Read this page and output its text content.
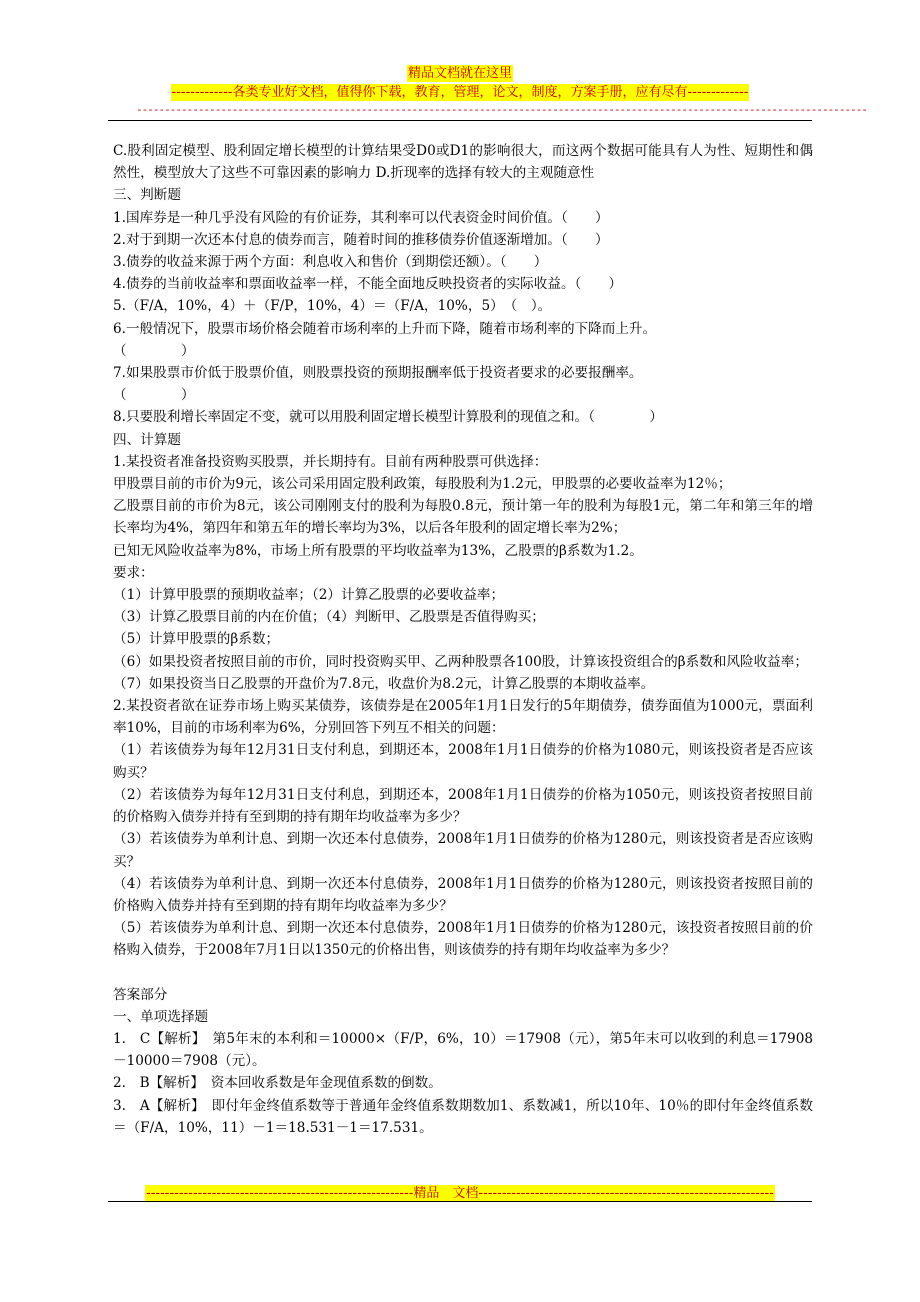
精品文档就在这里
-------------各类专业好文档，值得你下载，教育，管理，论文，制度，方案手册，应有尽有-------------
----------------------------------------------------------------------------------------------------------------------------------

C.股利固定模型、股利固定增长模型的计算结果受D0或D1的影响很大，而这两个数据可能具有人为性、短期性和偶然性，模型放大了这些不可靠因素的影响力 D.折现率的选择有较大的主观随意性

三、判断题

1.国库券是一种几乎没有风险的有价证券，其利率可以代表资金时间价值。（　　）

2.对于到期一次还本付息的债券而言，随着时间的推移债券价值逐渐增加。（　　）

3.债券的收益来源于两个方面：利息收入和售价（到期偿还额）。（　　）

4.债券的当前收益率和票面收益率一样，不能全面地反映投资者的实际收益。（　　）

5.（F/A，10%，4）＋（F/P，10%，4）＝（F/A，10%，5）　（　）。

6.一般情况下，股票市场价格会随着市场利率的上升而下降，随着市场利率的下降而上升。

（　　　　）

7.如果股票市价低于股票价值，则股票投资的预期报酬率低于投资者要求的必要报酬率。

（　　　　）

8.只要股利增长率固定不变，就可以用股利固定增长模型计算股利的现值之和。（　　　　）

四、计算题

1.某投资者准备投资购买股票，并长期持有。目前有两种股票可供选择：

甲股票目前的市价为9元，该公司采用固定股利政策，每股股利为1.2元，甲股票的必要收益率为12％；

乙股票目前的市价为8元，该公司刚刚支付的股利为每股0.8元，预计第一年的股利为每股1元，第二年和第三年的增长率均为4%，第四年和第五年的增长率均为3%，以后各年股利的固定增长率为2%；

已知无风险收益率为8%，市场上所有股票的平均收益率为13%，乙股票的β系数为1.2。

要求：

（1）计算甲股票的预期收益率；（2）计算乙股票的必要收益率；

（3）计算乙股票目前的内在价值；（4）判断甲、乙股票是否值得购买；

（5）计算甲股票的β系数；

（6）如果投资者按照目前的市价，同时投资购买甲、乙两种股票各100股，计算该投资组合的β系数和风险收益率；

（7）如果投资当日乙股票的开盘价为7.8元，收盘价为8.2元，计算乙股票的本期收益率。

2.某投资者欲在证券市场上购买某债券，该债券是在2005年1月1日发行的5年期债券，债券面值为1000元，票面利率10%，目前的市场利率为6%，分别回答下列互不相关的问题：

（1）若该债券为每年12月31日支付利息，到期还本，2008年1月1日债券的价格为1080元，则该投资者是否应该购买？

（2）若该债券为每年12月31日支付利息，到期还本，2008年1月1日债券的价格为1050元，则该投资者按照目前的价格购入债券并持有至到期的持有期年均收益率为多少？

（3）若该债券为单利计息、到期一次还本付息债券，2008年1月1日债券的价格为1280元，则该投资者是否应该购买？

（4）若该债券为单利计息、到期一次还本付息债券，2008年1月1日债券的价格为1280元，则该投资者按照目前的价格购入债券并持有至到期的持有期年均收益率为多少？

（5）若该债券为单利计息、到期一次还本付息债券，2008年1月1日债券的价格为1280元，该投资者按照目前的价格购入债券，于2008年7月1日以1350元的价格出售，则该债券的持有期年均收益率为多少？

答案部分

一、单项选择题

1.　C【解析】　第5年末的本利和＝10000×（F/P，6%，10）＝17908（元），第5年末可以收到的利息＝17908－10000＝7908（元）。

2.　B【解析】　资本回收系数是年金现值系数的倒数。

3.　A【解析】　即付年金终值系数等于普通年金终值系数期数加1、系数减1，所以10年、10％的即付年金终值系数＝（F/A，10%，11）－1＝18.531－1＝17.531。

---------------------------------------------------------精品　文档---------------------------------------------------------------
